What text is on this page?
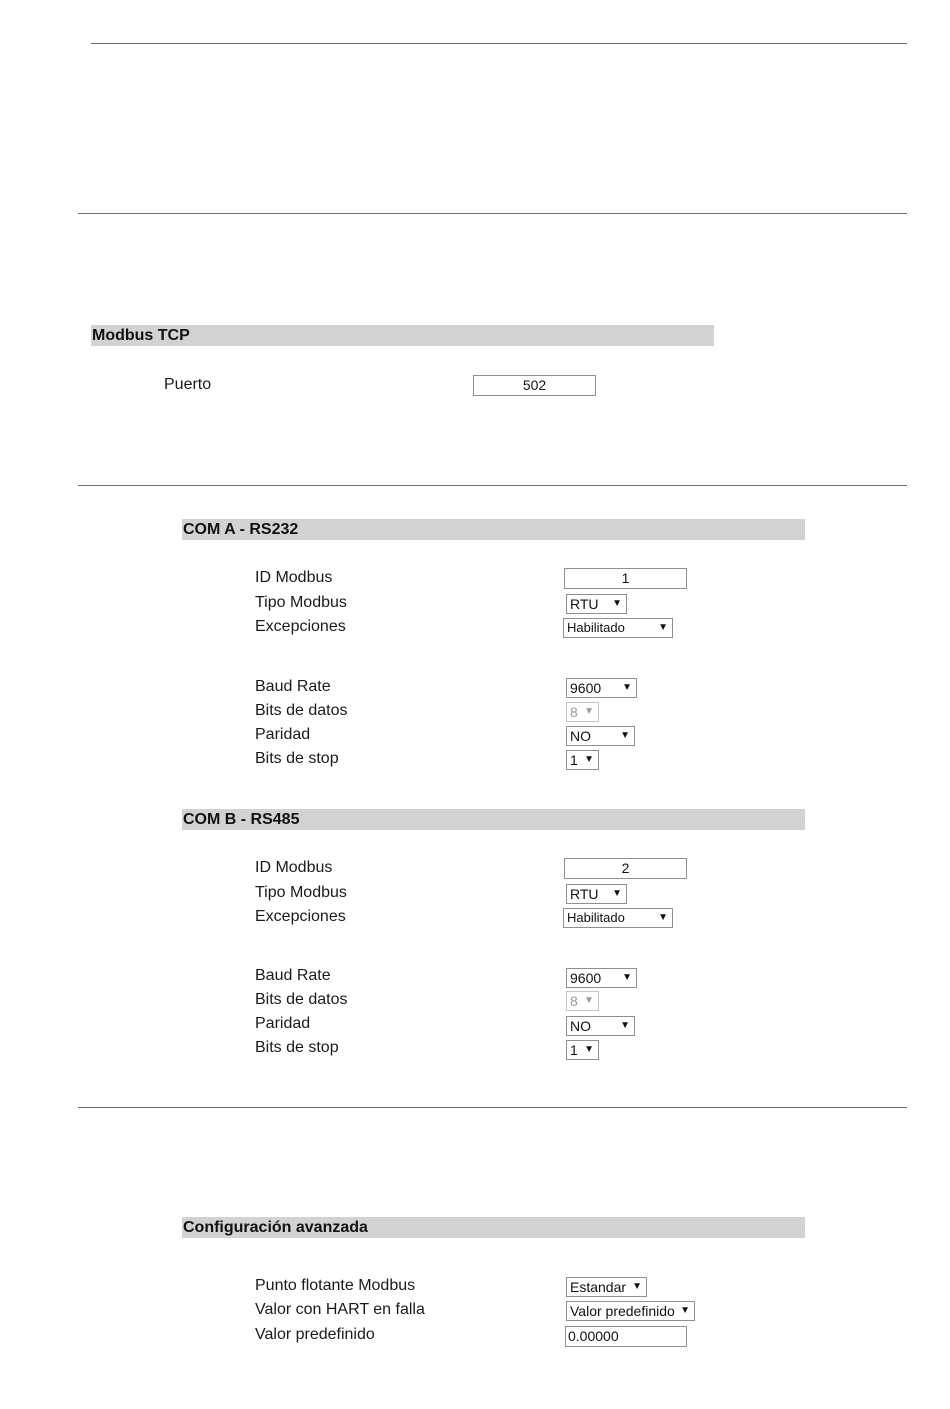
Modbus TCP
Puerto	502
COM A - RS232
ID Modbus	1
Tipo Modbus	RTU ▼
Excepciones	Habilitado	▼
Baud Rate	9600 ▼
Bits de datos	8 ▼
Paridad	NO	▼
Bits de stop	1 ▼
COM B - RS485
ID Modbus	2
Tipo Modbus	RTU ▼
Excepciones	Habilitado	▼
Baud Rate	9600 ▼
Bits de datos	8 ▼
Paridad	NO	▼
Bits de stop	1 ▼
Configuración avanzada
Punto flotante Modbus	Estandar ▼
Valor con HART en falla	Valor predefinido ▼
Valor predefinido	0.00000
